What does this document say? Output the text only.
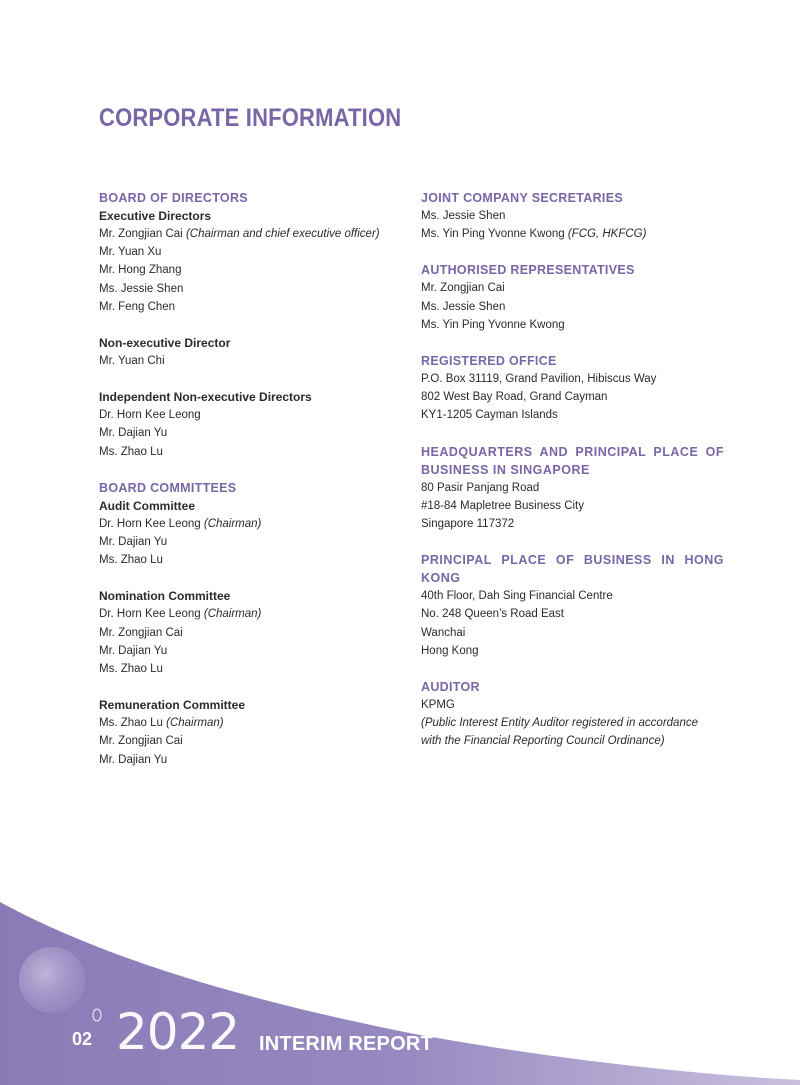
CORPORATE INFORMATION
BOARD OF DIRECTORS
Executive Directors
Mr. Zongjian Cai (Chairman and chief executive officer)
Mr. Yuan Xu
Mr. Hong Zhang
Ms. Jessie Shen
Mr. Feng Chen
Non-executive Director
Mr. Yuan Chi
Independent Non-executive Directors
Dr. Horn Kee Leong
Mr. Dajian Yu
Ms. Zhao Lu
BOARD COMMITTEES
Audit Committee
Dr. Horn Kee Leong (Chairman)
Mr. Dajian Yu
Ms. Zhao Lu
Nomination Committee
Dr. Horn Kee Leong (Chairman)
Mr. Zongjian Cai
Mr. Dajian Yu
Ms. Zhao Lu
Remuneration Committee
Ms. Zhao Lu (Chairman)
Mr. Zongjian Cai
Mr. Dajian Yu
JOINT COMPANY SECRETARIES
Ms. Jessie Shen
Ms. Yin Ping Yvonne Kwong (FCG, HKFCG)
AUTHORISED REPRESENTATIVES
Mr. Zongjian Cai
Ms. Jessie Shen
Ms. Yin Ping Yvonne Kwong
REGISTERED OFFICE
P.O. Box 31119, Grand Pavilion, Hibiscus Way
802 West Bay Road, Grand Cayman
KY1-1205 Cayman Islands
HEADQUARTERS AND PRINCIPAL PLACE OF BUSINESS IN SINGAPORE
80 Pasir Panjang Road
#18-84 Mapletree Business City
Singapore 117372
PRINCIPAL PLACE OF BUSINESS IN HONG KONG
40th Floor, Dah Sing Financial Centre
No. 248 Queen’s Road East
Wanchai
Hong Kong
AUDITOR
KPMG
(Public Interest Entity Auditor registered in accordance
with the Financial Reporting Council Ordinance)
02	INTERIM REPORT
2022
